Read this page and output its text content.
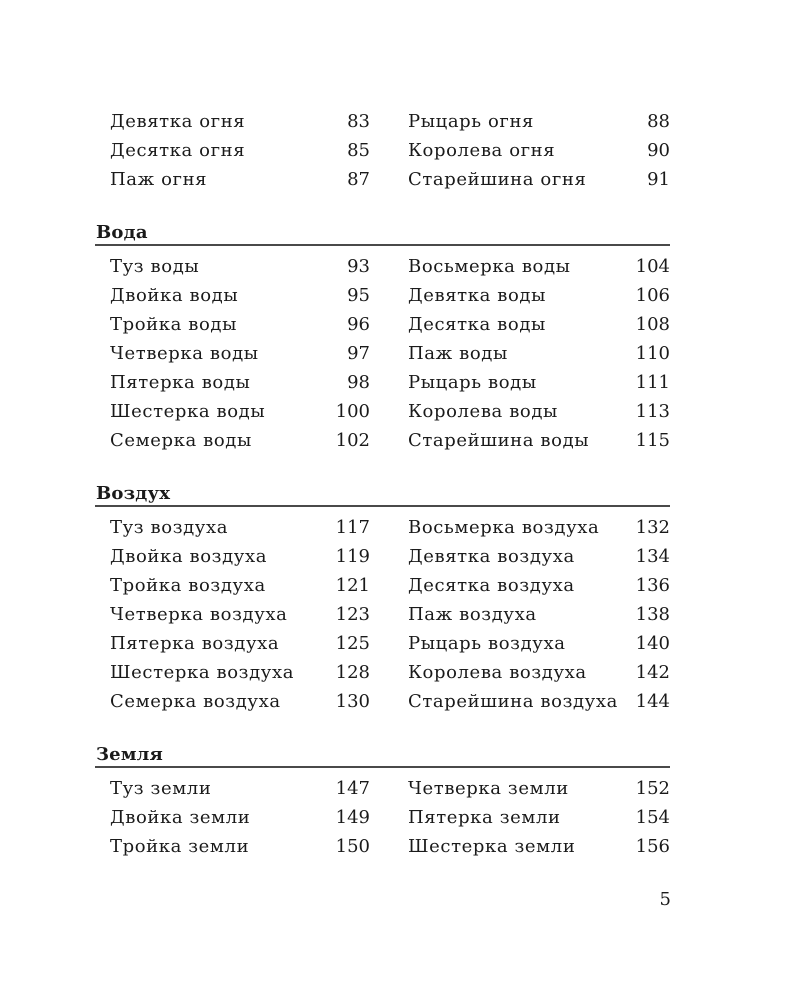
Девятка огня	83
Десятка огня	85
Паж огня	87
Рыцарь огня	88
Королева огня	90
Старейшина огня	91
Вода
Туз воды	93
Двойка воды	95
Тройка воды	96
Четверка воды	97
Пятерка воды	98
Шестерка воды	100
Семерка воды	102
Восьмерка воды	104
Девятка воды	106
Десятка воды	108
Паж воды	110
Рыцарь воды	111
Королева воды	113
Старейшина воды	115
Воздух
Туз воздуха	117
Двойка воздуха	119
Тройка воздуха	121
Четверка воздуха	123
Пятерка воздуха	125
Шестерка воздуха 128
Семерка воздуха	130
Восьмерка воздуха 132
Девятка воздуха	134
Десятка воздуха	136
Паж воздуха	138
Рыцарь воздуха	140
Королева воздуха	142
Старейшина воздуха 144
Земля
Туз земли	147
Двойка земли	149
Тройка земли	150
Четверка земли	152
Пятерка земли	154
Шестерка земли	156
5
